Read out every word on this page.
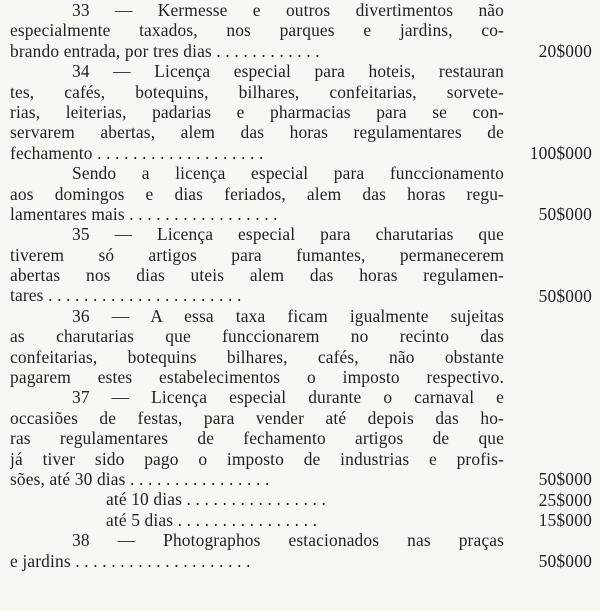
33 — Kermesse e outros divertimentos não
especialmente taxados, nos parques e jardins, co-
brando entrada, por tres dias . . . . . . . . . . . .
34 — Licença especial para hoteis, restauran
tes, cafés, botequins, bilhares, confeitarias, sorvete-
rias, leiterias, padarias e pharmacias para se con-
servarem abertas, alem das horas regulamentares de
fechamento . . . . . . . . . . . . . . . . . . .
Sendo a licença especial para funccionamento
aos domingos e dias feriados, alem das horas regu-
lamentares mais . . . . . . . . . . . . . . . . .
35 — Licença especial para charutarias que
tiverem só artigos para fumantes, permanecerem
abertas nos dias uteis alem das horas regulamen-
tares . . . . . . . . . . . . . . . . . . . . . .
36 — A essa taxa ficam igualmente sujeitas
as charutarias que funccionarem no recinto das
confeitarias, botequins bilhares, cafés, não obstante
pagarem estes estabelecimentos o imposto respectivo.
37 — Licença especial durante o carnaval e
occasiões de festas, para vender até depois das ho-
ras regulamentares de fechamento artigos de que
já tiver sido pago o imposto de industrias e profis-
sões, até 30 dias . . . . . . . . . . . . . . . .
até 10 dias . . . . . . . . . . . . . . . .
até 5 dias . . . . . . . . . . . . . . . .
38 — Photographos estacionados nas praças
e jardins . . . . . . . . . . . . . . . . . . . .
20$000
100$000
50$000
50$000
50$000
25$000
15$000
50$000
